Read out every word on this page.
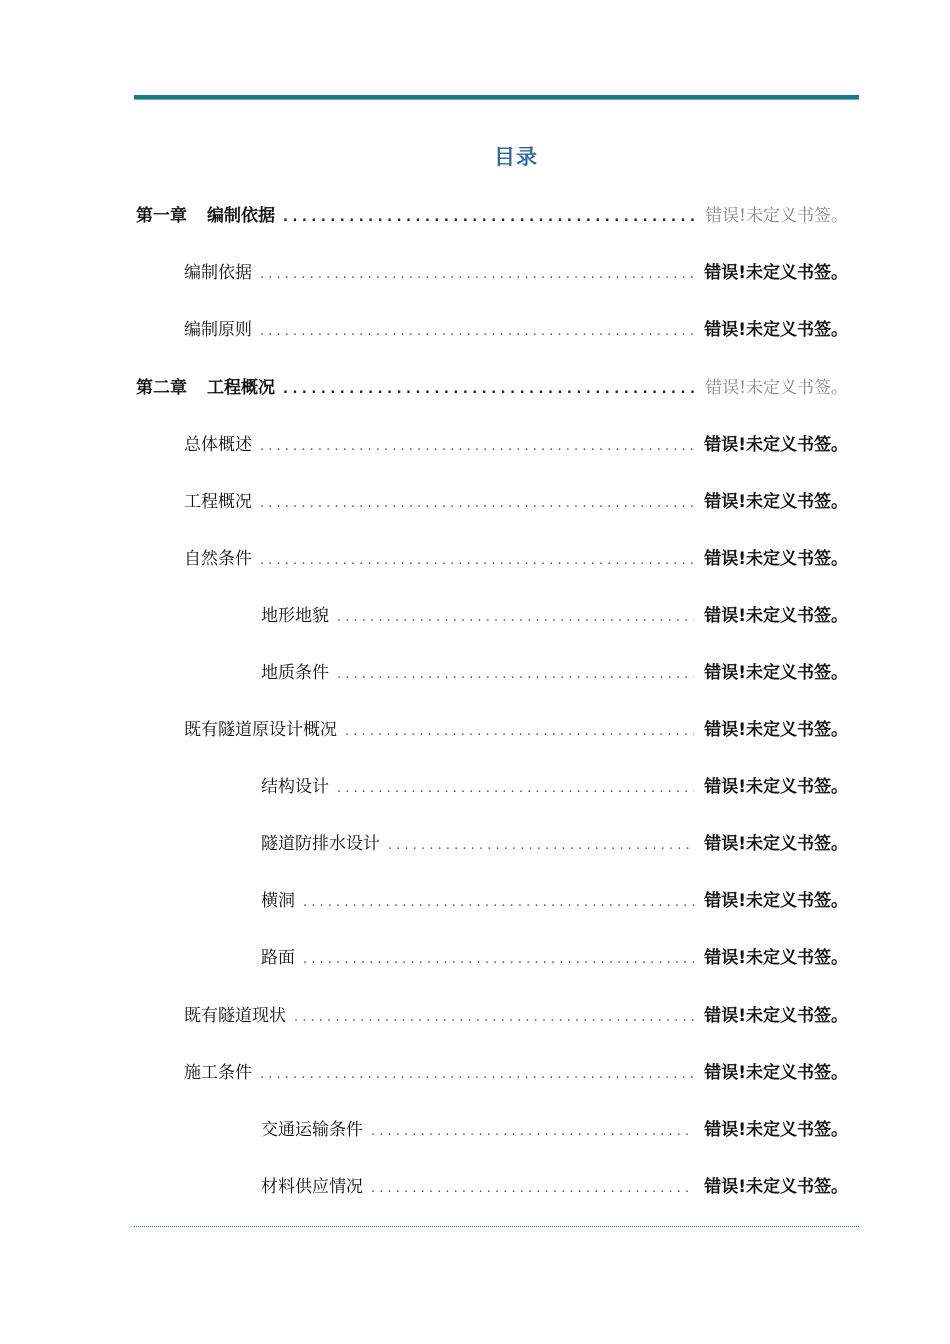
目录
第一章 编制依据 . . .	错误!未定义书签。
编制依据 . . .	错误!未定义书签。
编制原则 . . .	错误!未定义书签。
第二章 工程概况 . . .	错误!未定义书签。
总体概述 . . .	错误!未定义书签。
工程概况 . . .	错误!未定义书签。
自然条件 . . .	错误!未定义书签。
地形地貌 . . .	错误!未定义书签。
地质条件 . . .	错误!未定义书签。
既有隧道原设计概况 . . .	错误!未定义书签。
结构设计 . . .	错误!未定义书签。
隧道防排水设计 . . .	错误!未定义书签。
横洞 . . .	错误!未定义书签。
路面 . . .	错误!未定义书签。
既有隧道现状 . . .	错误!未定义书签。
施工条件 . . .	错误!未定义书签。
交通运输条件 . . .	错误!未定义书签。
材料供应情况 . . .	错误!未定义书签。
